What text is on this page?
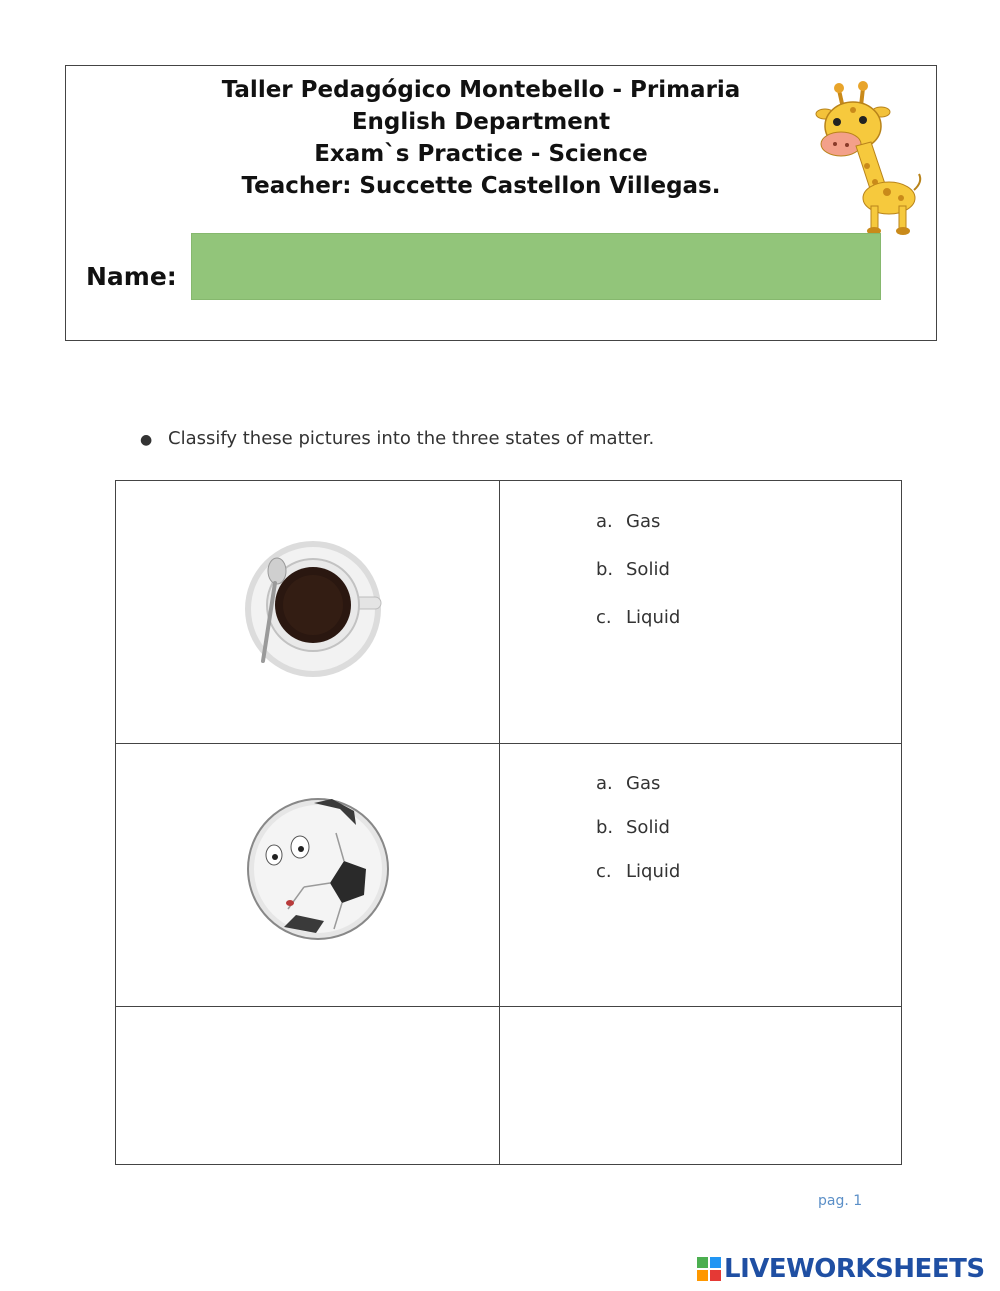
Taller Pedagógico Montebello - Primaria
English Department
Exam`s Practice - Science
Teacher: Succette Castellon Villegas.
Name:
● Classify these pictures into the three states of matter.
a. Gas
b. Solid
c. Liquid
a. Gas
b. Solid
c. Liquid
pag. 1
LIVEWORKSHEETS
